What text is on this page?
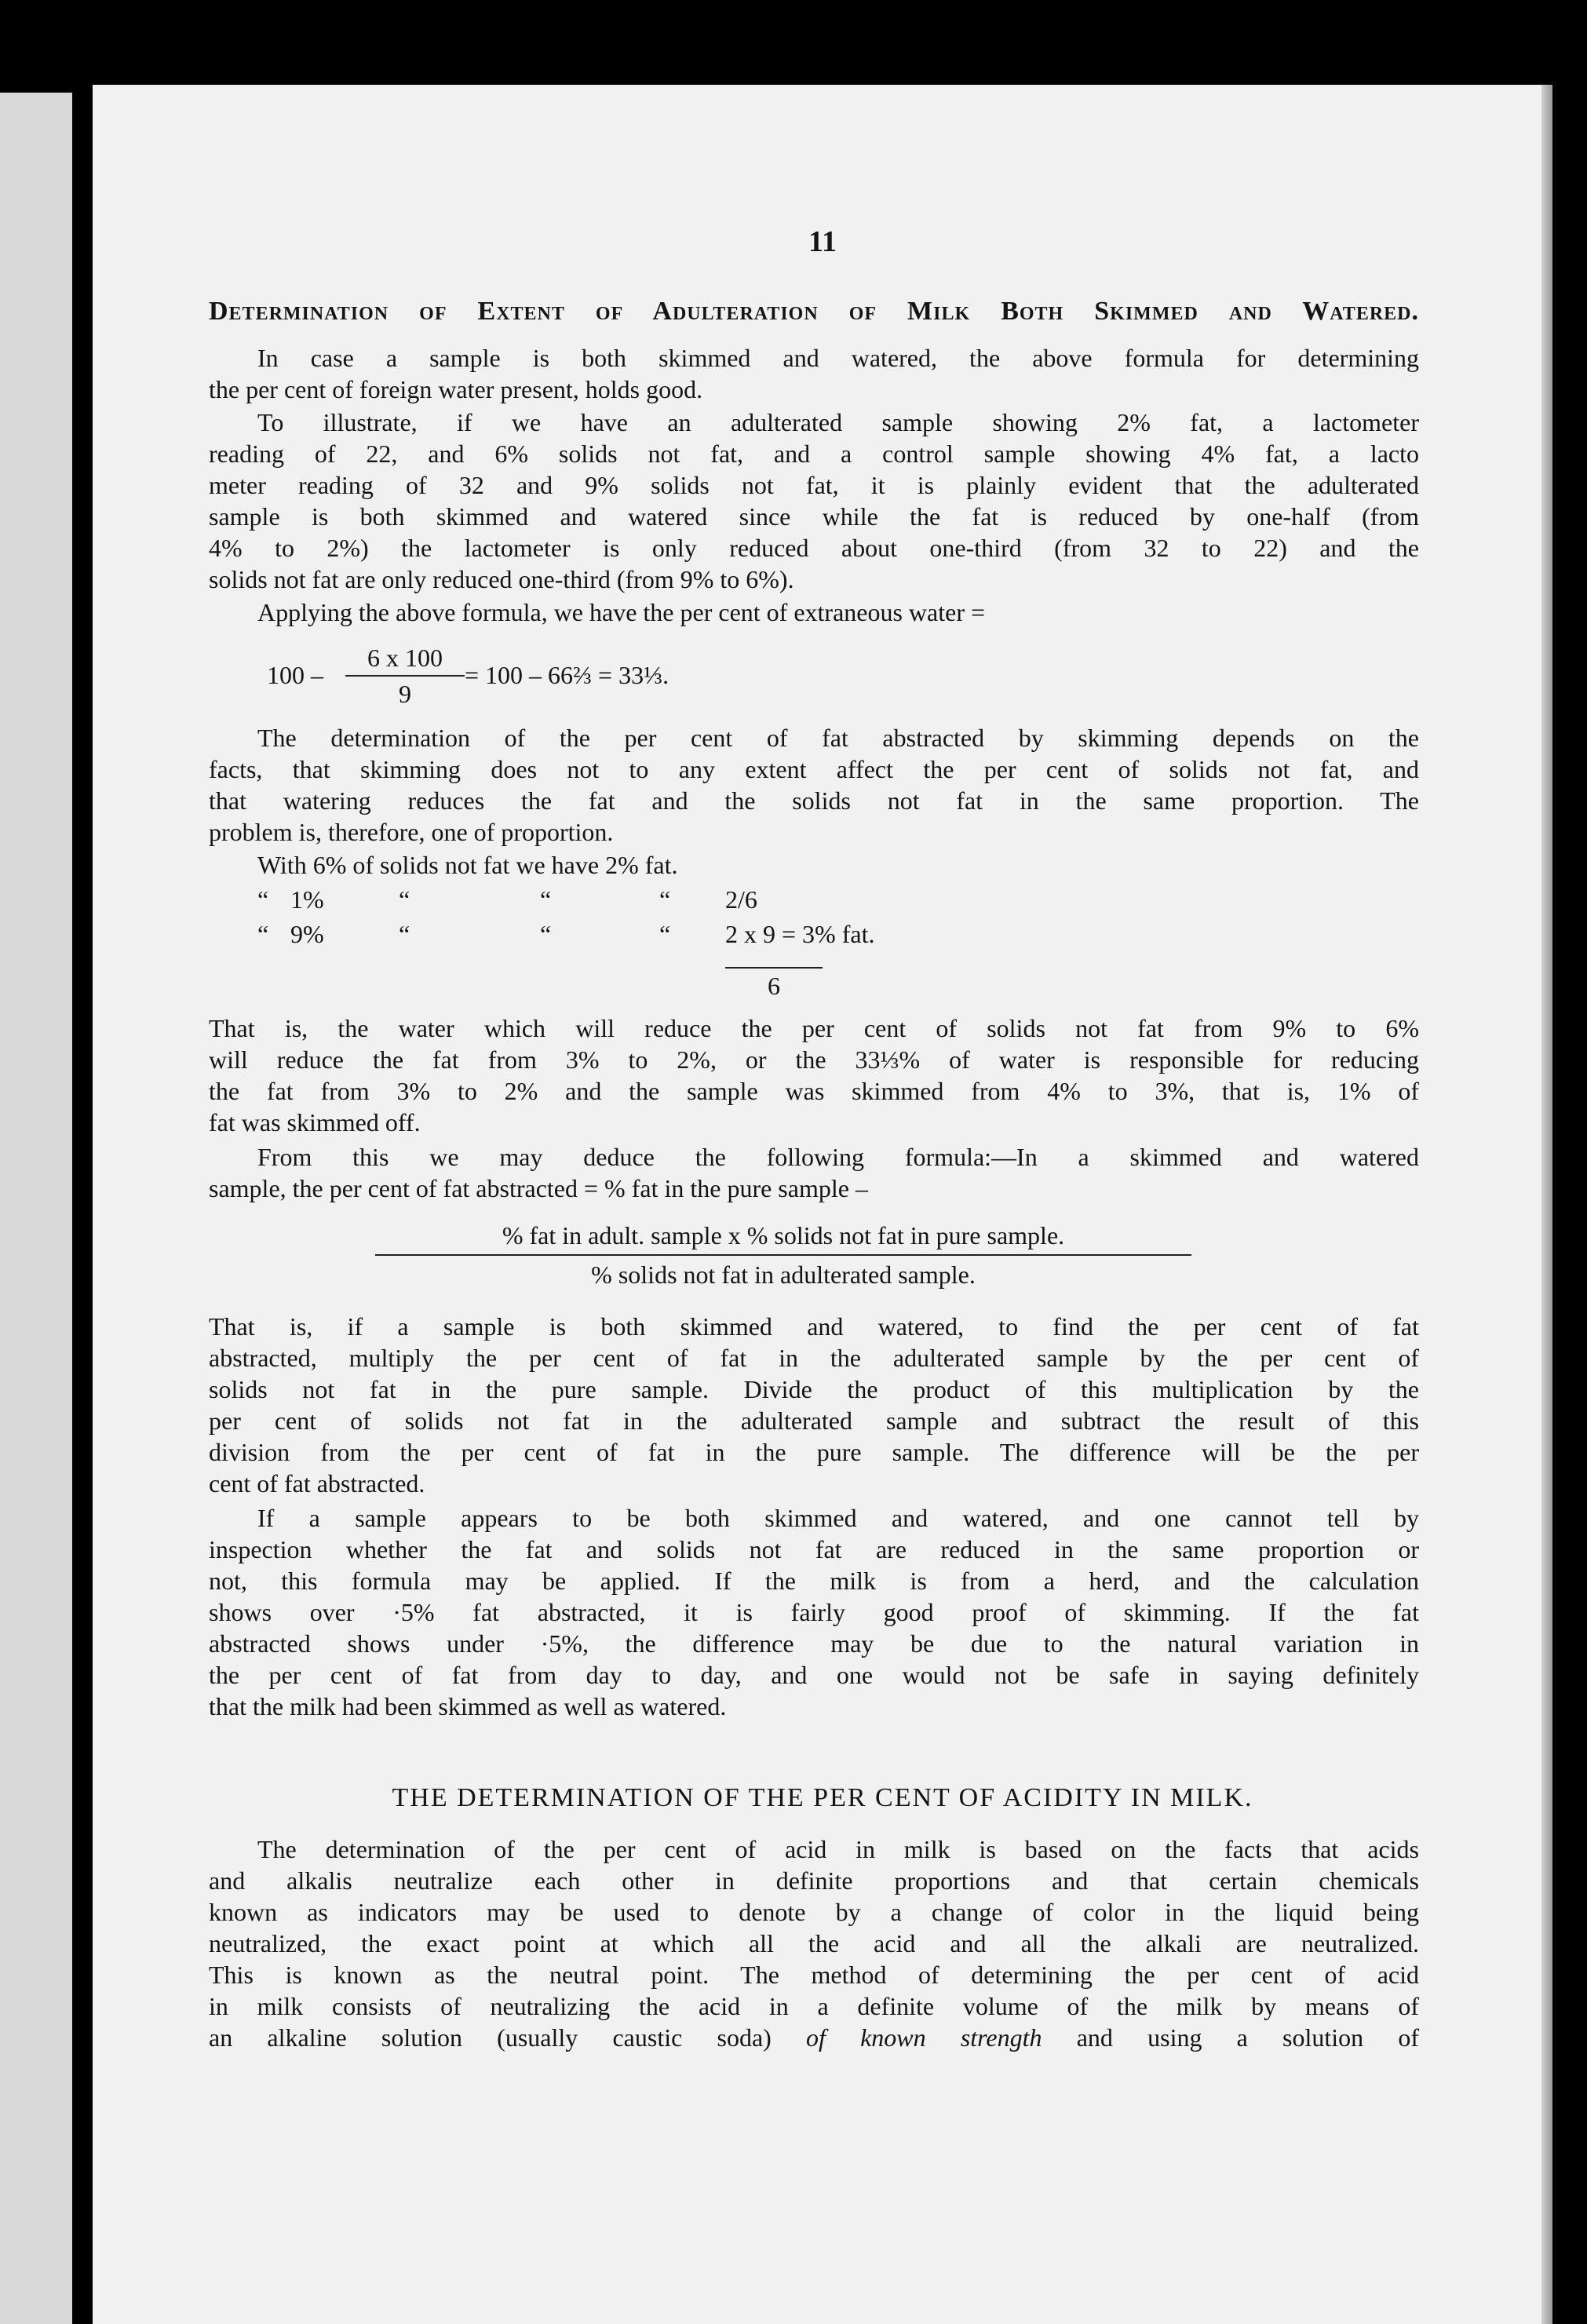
11
Determination of Extent of Adulteration of Milk Both Skimmed and Watered.
In case a sample is both skimmed and watered, the above formula for determining
the per cent of foreign water present, holds good.
To illustrate, if we have an adulterated sample showing 2% fat, a lactometer
reading of 22, and 6% solids not fat, and a control sample showing 4% fat, a lacto
meter reading of 32 and 9% solids not fat, it is plainly evident that the adulterated
sample is both skimmed and watered since while the fat is reduced by one-half (from
4% to 2%) the lactometer is only reduced about one-third (from 32 to 22) and the
solids not fat are only reduced one-third (from 9% to 6%).
Applying the above formula, we have the per cent of extraneous water =
100 –
6 x 100
9
= 100 – 66⅔ = 33⅓.
The determination of the per cent of fat abstracted by skimming depends on the
facts, that skimming does not to any extent affect the per cent of solids not fat, and
that watering reduces the fat and the solids not fat in the same proportion. The
problem is, therefore, one of proportion.
With 6% of solids not fat we have 2% fat.
“ 1%	“	“	“ 2/6
“ 9%	“	“	“ 2 x 9 = 3% fat.
6
That is, the water which will reduce the per cent of solids not fat from 9% to 6%
will reduce the fat from 3% to 2%, or the 33⅓% of water is responsible for reducing
the fat from 3% to 2% and the sample was skimmed from 4% to 3%, that is, 1% of
fat was skimmed off.
From this we may deduce the following formula:—In a skimmed and watered
sample, the per cent of fat abstracted = % fat in the pure sample –
% fat in adult. sample x % solids not fat in pure sample.
% solids not fat in adulterated sample.
That is, if a sample is both skimmed and watered, to find the per cent of fat
abstracted, multiply the per cent of fat in the adulterated sample by the per cent of
solids not fat in the pure sample. Divide the product of this multiplication by the
per cent of solids not fat in the adulterated sample and subtract the result of this
division from the per cent of fat in the pure sample. The difference will be the per
cent of fat abstracted.
If a sample appears to be both skimmed and watered, and one cannot tell by
inspection whether the fat and solids not fat are reduced in the same proportion or
not, this formula may be applied. If the milk is from a herd, and the calculation
shows over ·5% fat abstracted, it is fairly good proof of skimming. If the fat
abstracted shows under ·5%, the difference may be due to the natural variation in
the per cent of fat from day to day, and one would not be safe in saying definitely
that the milk had been skimmed as well as watered.
THE DETERMINATION OF THE PER CENT OF ACIDITY IN MILK.
The determination of the per cent of acid in milk is based on the facts that acids
and alkalis neutralize each other in definite proportions and that certain chemicals
known as indicators may be used to denote by a change of color in the liquid being
neutralized, the exact point at which all the acid and all the alkali are neutralized.
This is known as the neutral point. The method of determining the per cent of acid
in milk consists of neutralizing the acid in a definite volume of the milk by means of
an alkaline solution (usually caustic soda) of known strength and using a solution of
